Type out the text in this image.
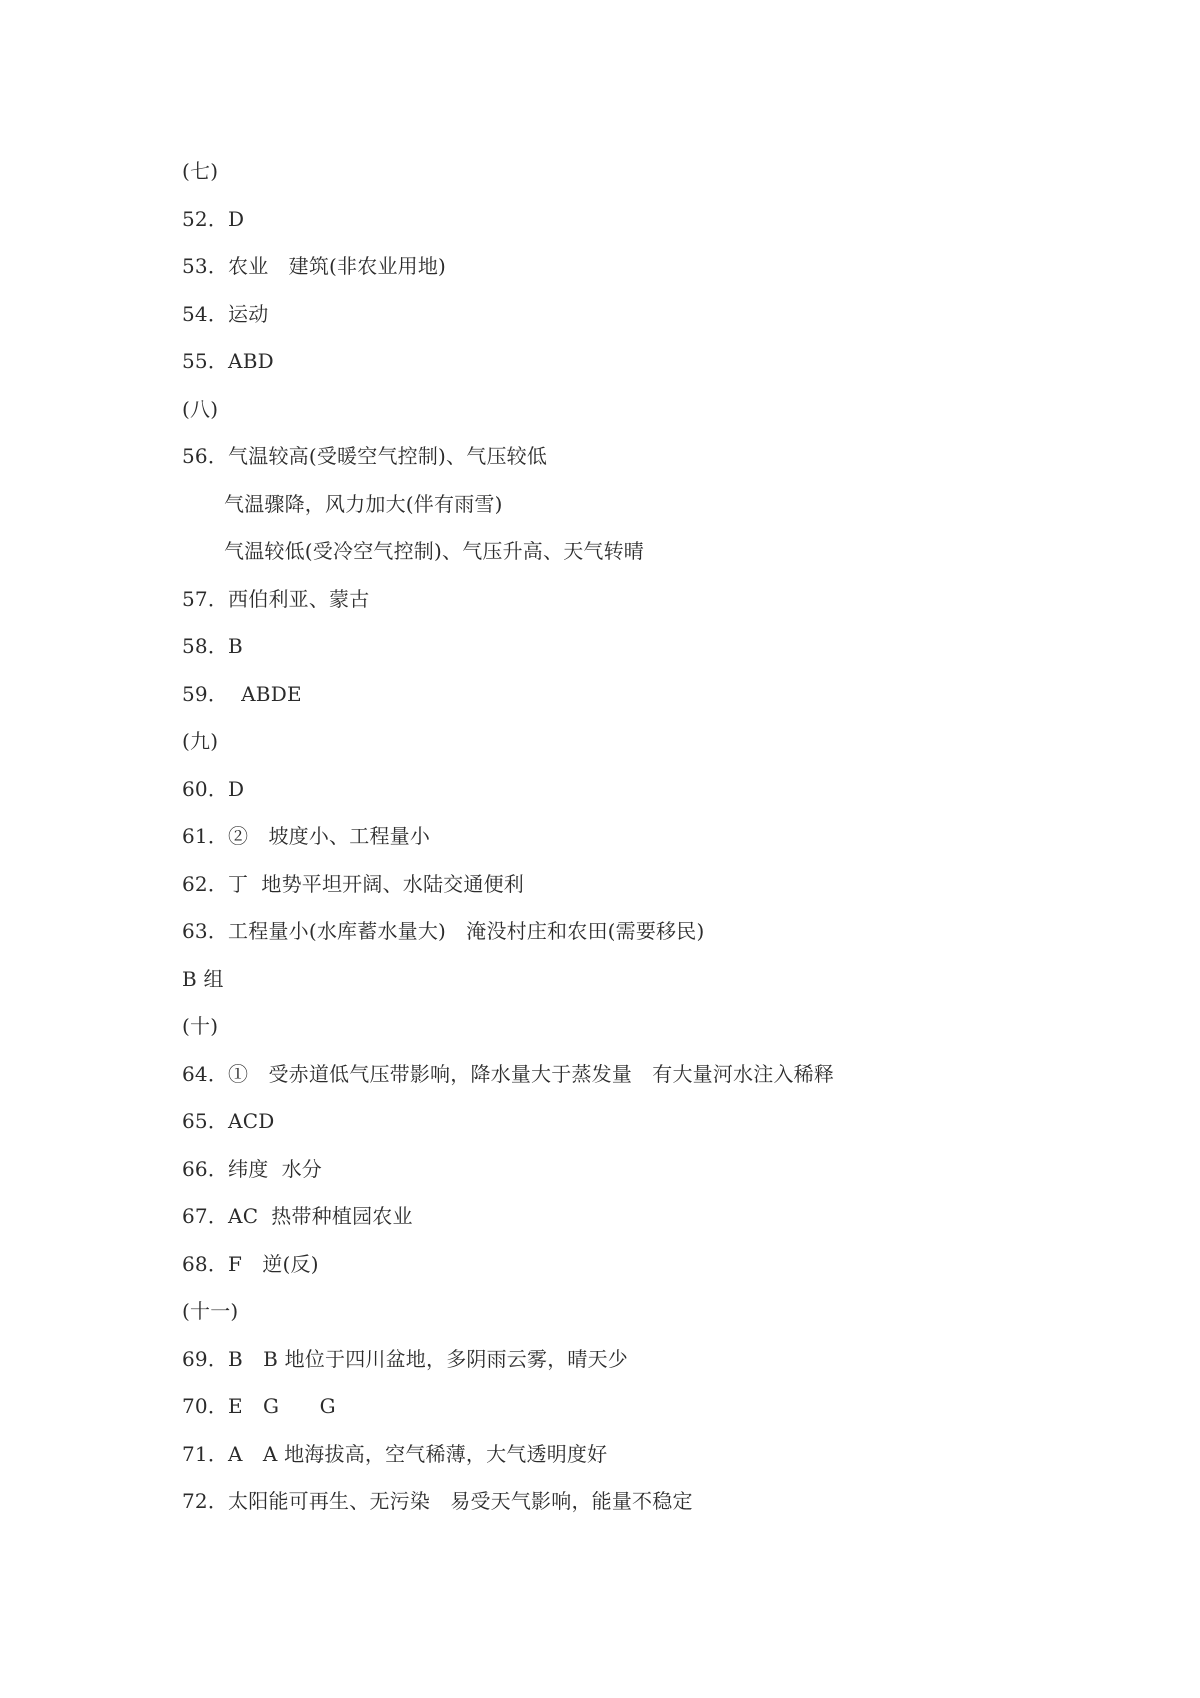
(七)
52．D
53．农业　建筑(非农业用地)
54．运动
55．ABD
(八)
56．气温较高(受暖空气控制)、气压较低
气温骤降，风力加大(伴有雨雪)
气温较低(受冷空气控制)、气压升高、天气转晴
57．西伯利亚、蒙古
58．B
59．  ABDE
(九)
60．D
61．②　坡度小、工程量小
62．丁  地势平坦开阔、水陆交通便利
63．工程量小(水库蓄水量大)　淹没村庄和农田(需要移民)
B 组
(十)
64．①　受赤道低气压带影响，降水量大于蒸发量　有大量河水注入稀释
65．ACD
66．纬度  水分
67．AC  热带种植园农业
68．F　逆(反)
(十一)
69．B　B 地位于四川盆地，多阴雨云雾，晴天少
70．E　G　　G
71．A　A 地海拔高，空气稀薄，大气透明度好
72．太阳能可再生、无污染　易受天气影响，能量不稳定
